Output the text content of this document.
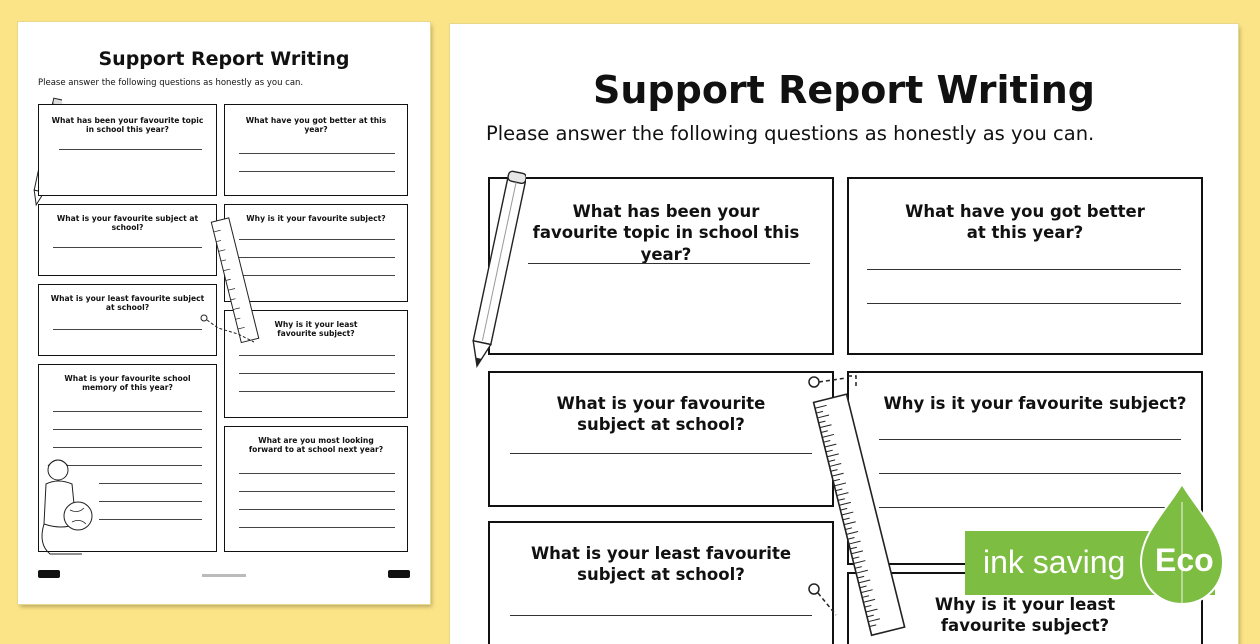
Support Report Writing
Please answer the following questions as honestly as you can.
What has been your favourite topic in school this year?
What have you got better at this year?
What is your favourite subject at school?
Why is it your favourite subject?
What is your least favourite subject at school?
Why is it your least favourite subject?
What is your favourite school memory of this year?
What are you most looking forward to at school next year?
Support Report Writing
Please answer the following questions as honestly as you can.
What has been your favourite topic in school this year?
What have you got better at this year?
What is your favourite subject at school?
Why is it your favourite subject?
What is your least favourite subject at school?
Why is it your least favourite subject?
ink saving Eco
